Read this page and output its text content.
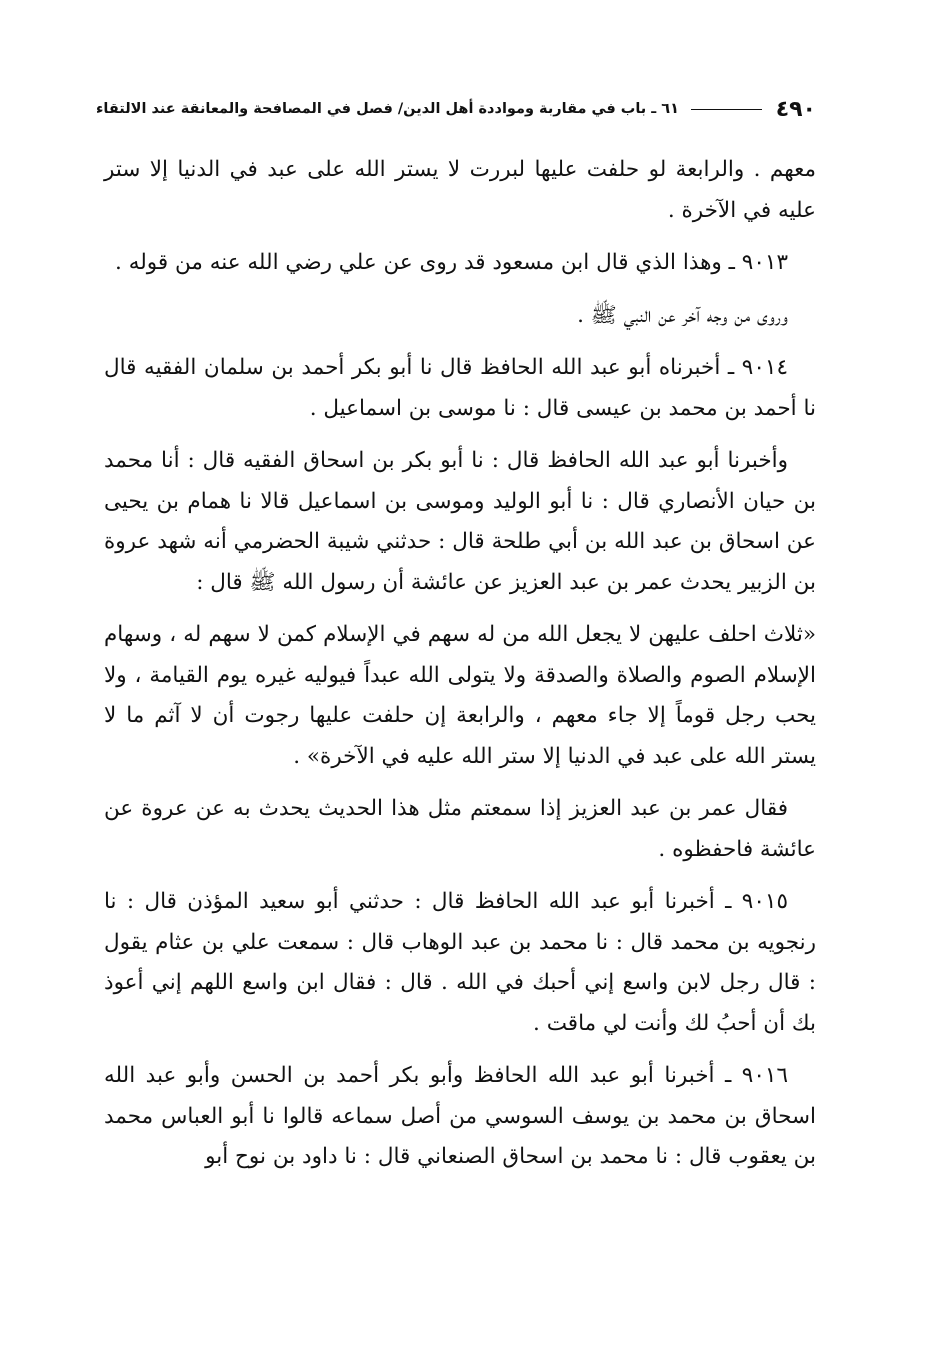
٤٩٠
٦١ ـ باب في مقاربة ومواددة أهل الدين/ فصل في المصافحة والمعانقة عند الالتقاء

معهم . والرابعة لو حلفت عليها لبررت لا يستر الله على عبد في الدنيا إلا ستر عليه في الآخرة .

٩٠١٣ ـ وهذا الذي قال ابن مسعود قد روى عن علي رضي الله عنه من قوله .

وروى من وجه آخر عن النبي ﷺ .

٩٠١٤ ـ أخبرناه أبو عبد الله الحافظ قال نا أبو بكر أحمد بن سلمان الفقيه قال نا أحمد بن محمد بن عيسى قال : نا موسى بن اسماعيل .

وأخبرنا أبو عبد الله الحافظ قال : نا أبو بكر بن اسحاق الفقيه قال : أنا محمد بن حيان الأنصاري قال : نا أبو الوليد وموسى بن اسماعيل قالا نا همام بن يحيى عن اسحاق بن عبد الله بن أبي طلحة قال : حدثني شيبة الحضرمي أنه شهد عروة بن الزبير يحدث عمر بن عبد العزيز عن عائشة أن رسول الله ﷺ قال :

«ثلاث احلف عليهن لا يجعل الله من له سهم في الإسلام كمن لا سهم له ، وسهام الإسلام الصوم والصلاة والصدقة ولا يتولى الله عبداً فيوليه غيره يوم القيامة ، ولا يحب رجل قوماً إلا جاء معهم ، والرابعة إن حلفت عليها رجوت أن لا آثم ما لا يستر الله على عبد في الدنيا إلا ستر الله عليه في الآخرة» .

فقال عمر بن عبد العزيز إذا سمعتم مثل هذا الحديث يحدث به عن عروة عن عائشة فاحفظوه .

٩٠١٥ ـ أخبرنا أبو عبد الله الحافظ قال : حدثني أبو سعيد المؤذن قال : نا رنجويه بن محمد قال : نا محمد بن عبد الوهاب قال : سمعت علي بن عثام يقول : قال رجل لابن واسع إني أحبك في الله . قال : فقال ابن واسع اللهم إني أعوذ بك أن أحبُ لك وأنت لي ماقت .

٩٠١٦ ـ أخبرنا أبو عبد الله الحافظ وأبو بكر أحمد بن الحسن وأبو عبد الله اسحاق بن محمد بن يوسف السوسي من أصل سماعه قالوا نا أبو العباس محمد بن يعقوب قال : نا محمد بن اسحاق الصنعاني قال : نا داود بن نوح أبو
